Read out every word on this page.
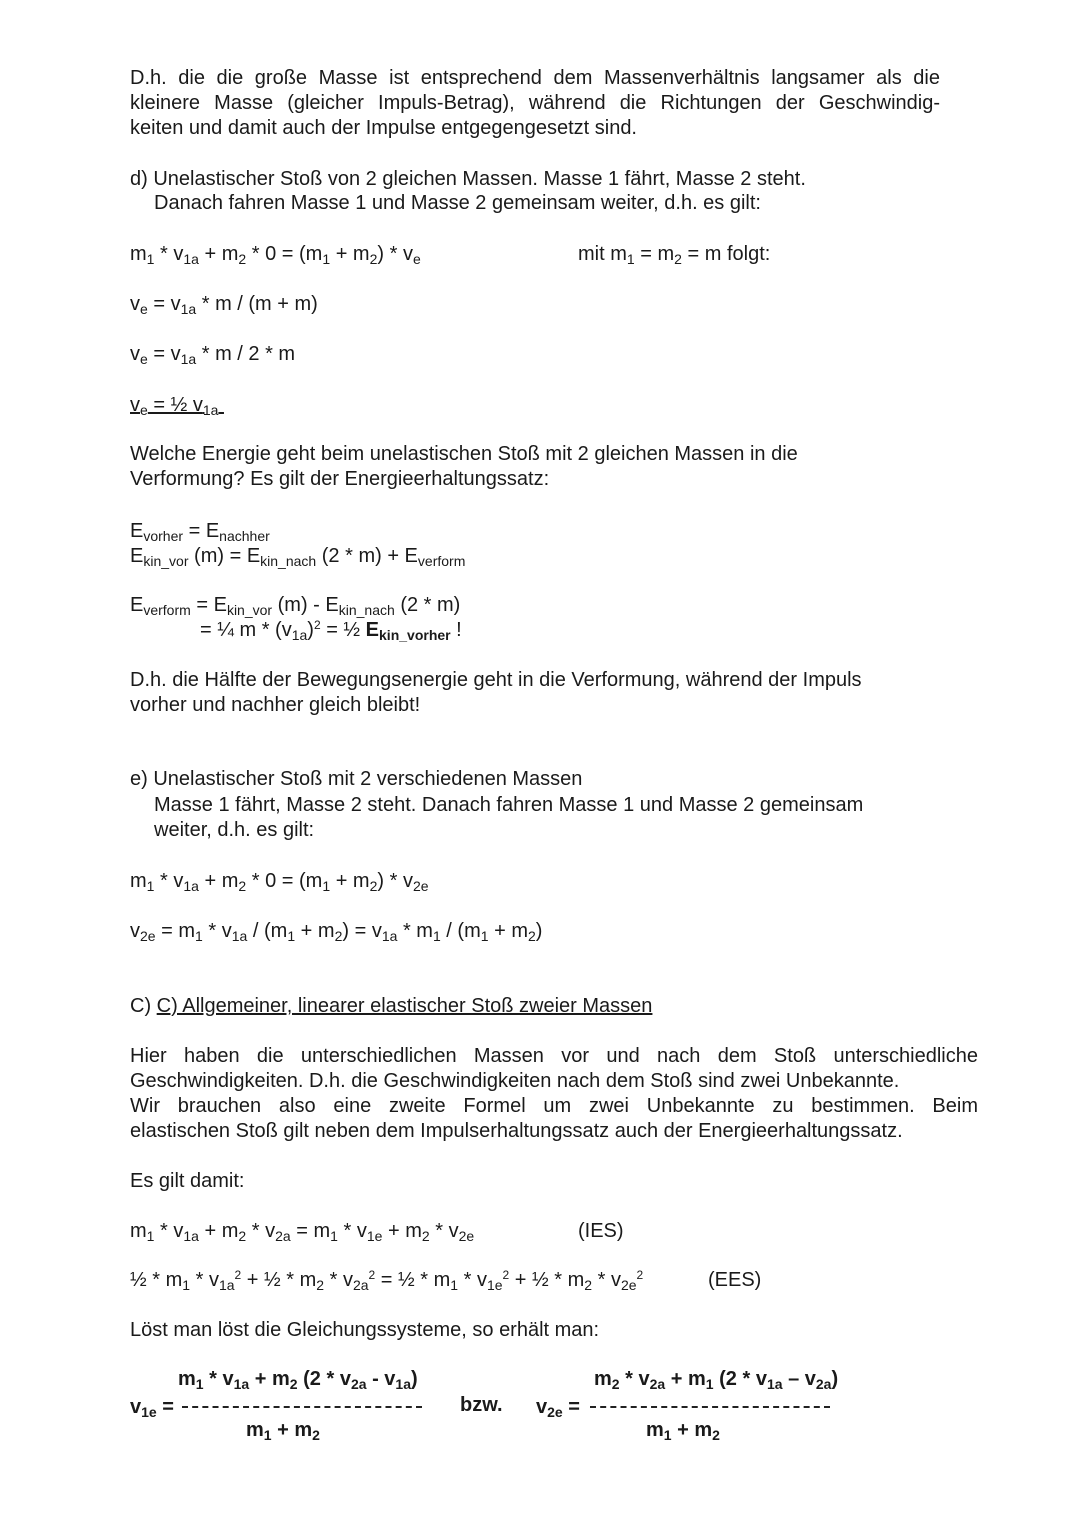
D.h. die die große Masse ist entsprechend dem Massenverhältnis langsamer als die
kleinere Masse (gleicher Impuls-Betrag), während die Richtungen der Geschwindig-
keiten und damit auch der Impulse entgegengesetzt sind.
d) Unelastischer Stoß von 2 gleichen Massen. Masse 1 fährt, Masse 2 steht.
Danach fahren Masse 1 und Masse 2 gemeinsam weiter, d.h. es gilt:
$m_1 * v_{1a} + m_2 * 0 = (m_1 + m_2) * v_e$	mit $m_1 = m_2 = m$ folgt:
$v_e = v_{1a} * m / (m + m)$
$v_e = v_{1a} * m / 2 * m$
$v_e$ = ½ $v_{1a}$
Welche Energie geht beim unelastischen Stoß mit 2 gleichen Massen in die
Verformung? Es gilt der Energieerhaltungssatz:
$E_{vorher} = E_{nachher}$
$E_{kin\_vor}$ $(m) = E_{kin\_nach}$ $(2 * m) + E_{verform}$
$E_{verform} = E_{kin\_vor}$ $(m) - E_{kin\_nach}$ (2 * m)
= ¼ m * $(v_{1a})^2$ = ½ $E_{kin\_vorher}$ !
D.h. die Hälfte der Bewegungsenergie geht in die Verformung, während der Impuls
vorher und nachher gleich bleibt!
e) Unelastischer Stoß mit 2 verschiedenen Massen
Masse 1 fährt, Masse 2 steht. Danach fahren Masse 1 und Masse 2 gemeinsam
weiter, d.h. es gilt:
$m_1 * v_{1a} + m_2 * 0 = (m_1 + m_2) * v_{2e}$
$v_{2e} = m_1 * v_{1a} / (m_1 + m_2) = v_{1a} * m_1 / (m_1 + m_2)$
C) C) Allgemeiner, linearer elastischer Stoß zweier Massen
Hier haben die unterschiedlichen Massen vor und nach dem Stoß unterschiedliche
Geschwindigkeiten. D.h. die Geschwindigkeiten nach dem Stoß sind zwei Unbekannte.
Wir brauchen also eine zweite Formel um zwei Unbekannte zu bestimmen. Beim
elastischen Stoß gilt neben dem Impulserhaltungssatz auch der Energieerhaltungssatz.
Es gilt damit:
$m_1 * v_{1a} + m_2 * v_{2a} = m_1 * v_{1e} + m_2 * v_{2e}$	(IES)
½ * $m_1 * v_{1a}^2$ + ½ * $m_2 * v_{2a}^2$ = ½ * $m_1 * v_{1e}^2$ + ½ * $m_2 * v_{2e}^2$	(EES)
Löst man löst die Gleichungssysteme, so erhält man:
$m_1 * v_{1a} + m_2$ $(2 * v_{2a} - v_{1a})$
$v_{1e}$ =
$m_1 + m_2$
bzw.
$m_2 * v_{2a} + m_1$ $(2 * v_{1a} - v_{2a})$
$v_{2e}$ =
$m_1 + m_2$
